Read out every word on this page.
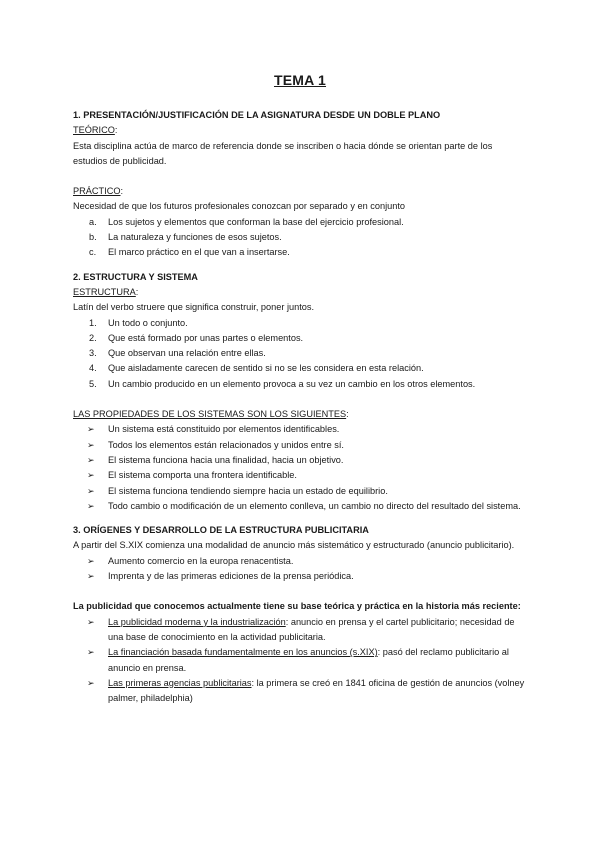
TEMA 1

1. PRESENTACIÓN/JUSTIFICACIÓN DE LA ASIGNATURA DESDE UN DOBLE PLANO

TEÓRICO:

Esta disciplina actúa de marco de referencia donde se inscriben o hacia dónde se orientan parte de los estudios de publicidad.

PRÁCTICO:

Necesidad de que los futuros profesionales conozcan por separado y en conjunto

a.	Los sujetos y elementos que conforman la base del ejercicio profesional.
b.	La naturaleza y funciones de esos sujetos.
c.	El marco práctico en el que van a insertarse.

2. ESTRUCTURA Y SISTEMA

ESTRUCTURA:

Latín del verbo struere que significa construir, poner juntos.

1.	Un todo o conjunto.
2.	Que está formado por unas partes o elementos.
3.	Que observan una relación entre ellas.
4.	Que aisladamente carecen de sentido si no se les considera en esta relación.
5.	Un cambio producido en un elemento provoca a su vez un cambio en los otros elementos.

LAS PROPIEDADES DE LOS SISTEMAS SON LOS SIGUIENTES:

➢ Un sistema está constituido por elementos identificables.
➢ Todos los elementos están relacionados y unidos entre sí.
➢ El sistema funciona hacia una finalidad, hacia un objetivo.
➢ El sistema comporta una frontera identificable.
➢ El sistema funciona tendiendo siempre hacia un estado de equilibrio.
➢ Todo cambio o modificación de un elemento conlleva, un cambio no directo del resultado del sistema.

3. ORÍGENES Y DESARROLLO DE LA ESTRUCTURA PUBLICITARIA

A partir del S.XIX comienza una modalidad de anuncio más sistemático y estructurado (anuncio publicitario).

➢ Aumento comercio en la europa renacentista.
➢ Imprenta y de las primeras ediciones de la prensa periódica.

La publicidad que conocemos actualmente tiene su base teórica y práctica en la historia más reciente:

➢ La publicidad moderna y la industrialización: anuncio en prensa y el cartel publicitario; necesidad de una base de conocimiento en la actividad publicitaria.
➢ La financiación basada fundamentalmente en los anuncios (s.XIX): pasó del reclamo publicitario al anuncio en prensa.
➢ Las primeras agencias publicitarias: la primera se creó en 1841 oficina de gestión de anuncios (volney palmer, philadelphia)
